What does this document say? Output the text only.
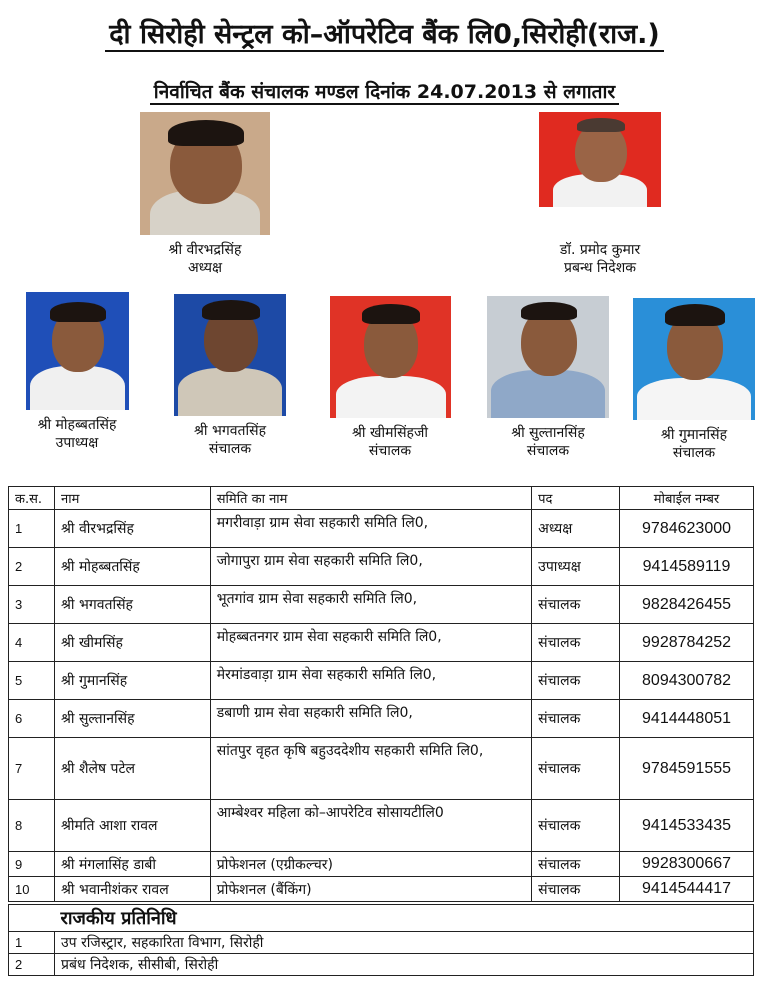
दी सिरोही सेन्ट्रल को–ऑपरेटिव बैंक लि0,सिरोही(राज.)
निर्वाचित बैंक संचालक मण्डल दिनांक 24.07.2013 से लगातार
श्री वीरभद्रसिंह
अध्यक्ष
डॉ. प्रमोद कुमार
प्रबन्ध निदेशक
श्री मोहब्बतसिंह
उपाध्यक्ष
श्री भगवतसिंह
संचालक
श्री खीमसिंहजी
संचालक
श्री सुल्तानसिंह
संचालक
श्री गुमानसिंह
संचालक
क.स.	नाम	समिति का नाम	पद	मोबाईल नम्बर
1	श्री वीरभद्रसिंह	मगरीवाड़ा ग्राम सेवा सहकारी समिति लि0,	अध्यक्ष	9784623000
2	श्री मोहब्बतसिंह	जोगापुरा ग्राम सेवा सहकारी समिति लि0,	उपाध्यक्ष	9414589119
3	श्री भगवतसिंह	भूतगांव ग्राम सेवा सहकारी समिति लि0,	संचालक	9828426455
4	श्री खीमसिंह	मोहब्बतनगर ग्राम सेवा सहकारी समिति लि0,	संचालक	9928784252
5	श्री गुमानसिंह	मेरमांडवाड़ा ग्राम सेवा सहकारी समिति लि0,	संचालक	8094300782
6	श्री सुल्तानसिंह	डबाणी ग्राम सेवा सहकारी समिति लि0,	संचालक	9414448051
7	श्री शैलेष पटेल	सांतपुर वृहत कृषि बहुउददेशीय सहकारी समिति लि0,	संचालक	9784591555
8	श्रीमति आशा रावल	आम्बेश्वर महिला को–आपरेटिव सोसायटीलि0	संचालक	9414533435
9	श्री मंगलासिंह डाबी	प्रोफेशनल (एग्रीकल्चर)	संचालक	9928300667
10	श्री भवानीशंकर रावल	प्रोफेशनल (बैंकिंग)	संचालक	9414544417
	राजकीय प्रतिनिधि
1	उप रजिस्ट्रार, सहकारिता विभाग, सिरोही
2	प्रबंध निदेशक, सीसीबी, सिरोही
